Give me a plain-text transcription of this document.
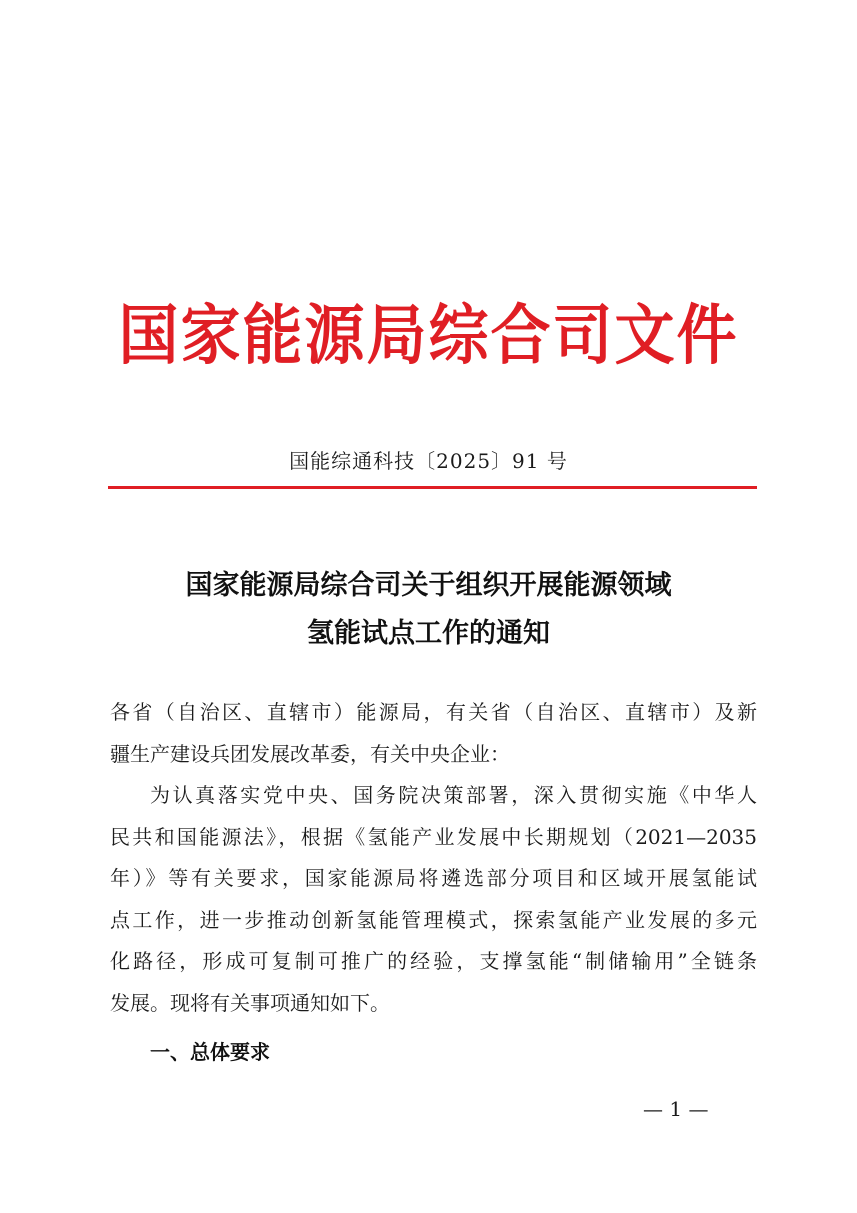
国家能源局综合司文件
国能综通科技〔2025〕91 号
国家能源局综合司关于组织开展能源领域
氢能试点工作的通知

各省（自治区、直辖市）能源局，有关省（自治区、直辖市）及新
疆生产建设兵团发展改革委，有关中央企业：

为认真落实党中央、国务院决策部署，深入贯彻实施《中华人
民共和国能源法》，根据《氢能产业发展中长期规划（2021—2035
年）》等有关要求，国家能源局将遴选部分项目和区域开展氢能试
点工作，进一步推动创新氢能管理模式，探索氢能产业发展的多元
化路径，形成可复制可推广的经验，支撑氢能“制储输用”全链条
发展。现将有关事项通知如下。

一、总体要求
— 1 —
